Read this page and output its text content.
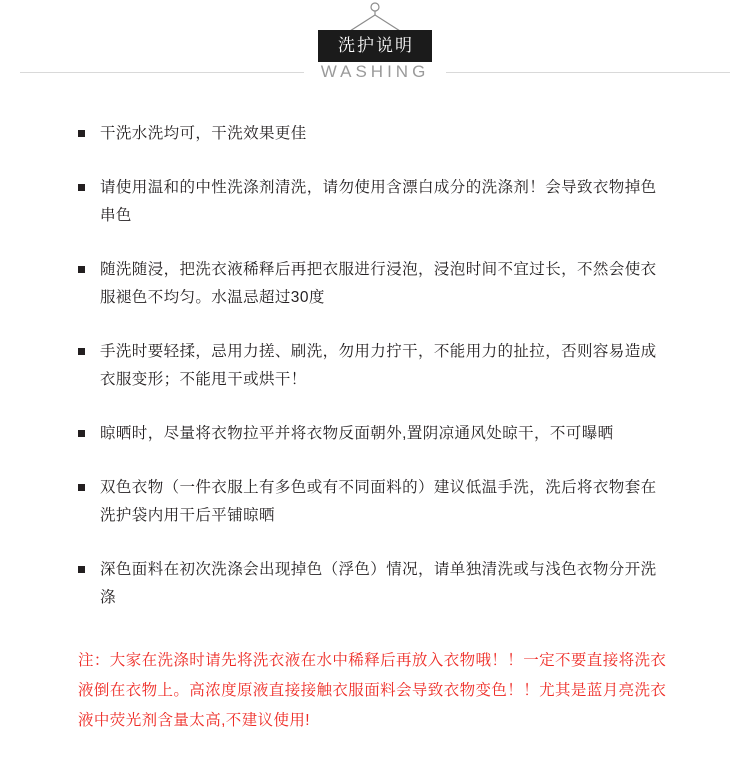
洗护说明
WASHING
干洗水洗均可，干洗效果更佳
请使用温和的中性洗涤剂清洗，请勿使用含漂白成分的洗涤剂！会导致衣物掉色串色
随洗随浸，把洗衣液稀释后再把衣服进行浸泡，浸泡时间不宜过长，不然会使衣服褪色不均匀。水温忌超过30度
手洗时要轻揉，忌用力搓、刷洗，勿用力拧干，不能用力的扯拉，否则容易造成衣服变形；不能甩干或烘干！
晾晒时，尽量将衣物拉平并将衣物反面朝外,置阴凉通风处晾干，不可曝晒
双色衣物（一件衣服上有多色或有不同面料的）建议低温手洗，洗后将衣物套在洗护袋内用干后平铺晾晒
深色面料在初次洗涤会出现掉色（浮色）情况，请单独清洗或与浅色衣物分开洗涤

注：大家在洗涤时请先将洗衣液在水中稀释后再放入衣物哦！！一定不要直接将洗衣液倒在衣物上。高浓度原液直接接触衣服面料会导致衣物变色！！尤其是蓝月亮洗衣液中荧光剂含量太高,不建议使用!
